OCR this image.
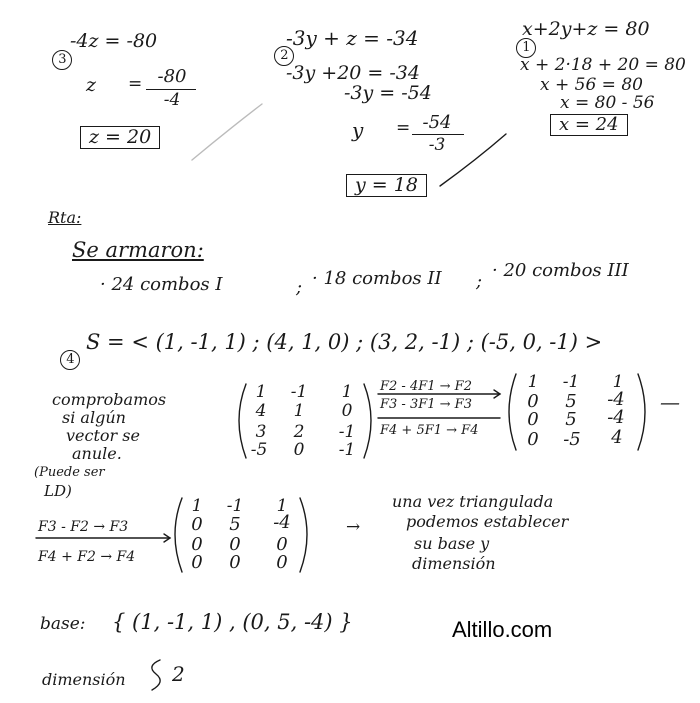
3

-4z = -80
z = -80
-4
z = 20

2

-3y + z = -34
-3y +20 = -34
-3y = -54
y = -54
-3
y = 18

1

x+2y+z = 80
x + 2·18 + 20 = 80
x + 56 = 80
x = 80 - 56
x = 24
Rta:
Se armaron:
· 24 combos I	; · 18 combos II ;
· 20 combos III

4

S = < (1, -1, 1) ; (4, 1, 0) ; (3, 2, -1) ; (-5, 0, -1) >
comprobamos
si algún
vector se
anule.
(Puede ser
LD)
1	-1	1
4	1	0
3	2	-1
-5	0	-1
F2 - 4F1 → F2
F3 - 3F1 → F3
F4 + 5F1 → F4
1	-1	1
0	5	-4
0	5	-4
0	-5	4
—
F3 - F2 → F3
F4 + F2 → F4
1	-1	1
0	5	-4
0	0	0
0	0	0
→
una vez triangulada
podemos establecer
su base y
dimensión
base: { (1, -1, 1) , (0, 5, -4) }
dimensión 2
Altillo.com
